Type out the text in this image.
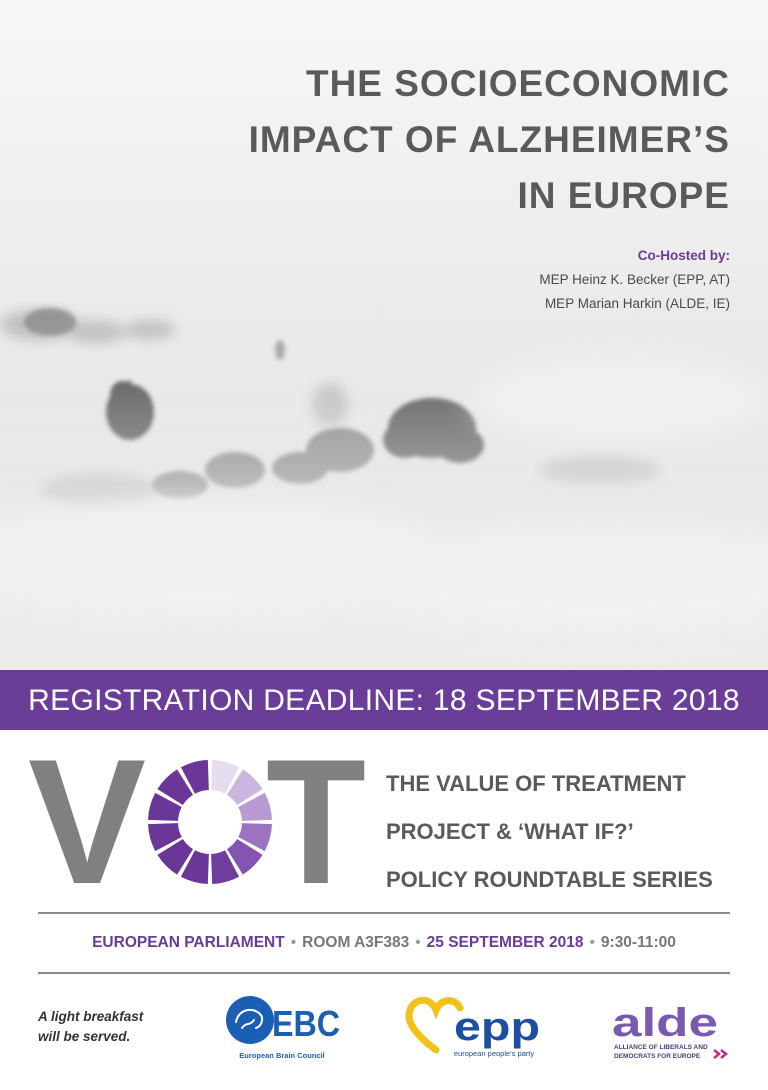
THE SOCIOECONOMIC
IMPACT OF ALZHEIMER’S
IN EUROPE
Co-Hosted by:
MEP Heinz K. Becker (EPP, AT)
MEP Marian Harkin (ALDE, IE)
REGISTRATION DEADLINE: 18 SEPTEMBER 2018
V T THE VALUE OF TREATMENT
PROJECT & ‘WHAT IF?’
POLICY ROUNDTABLE SERIES
EUROPEAN PARLIAMENT • ROOM A3F383 • 25 SEPTEMBER 2018 • 9:30-11:00
A light breakfast
will be served.	EBC
European Brain Council
epp
european people's party
alde
ALLIANCE OF LIBERALS AND
DEMOCRATS FOR EUROPE
